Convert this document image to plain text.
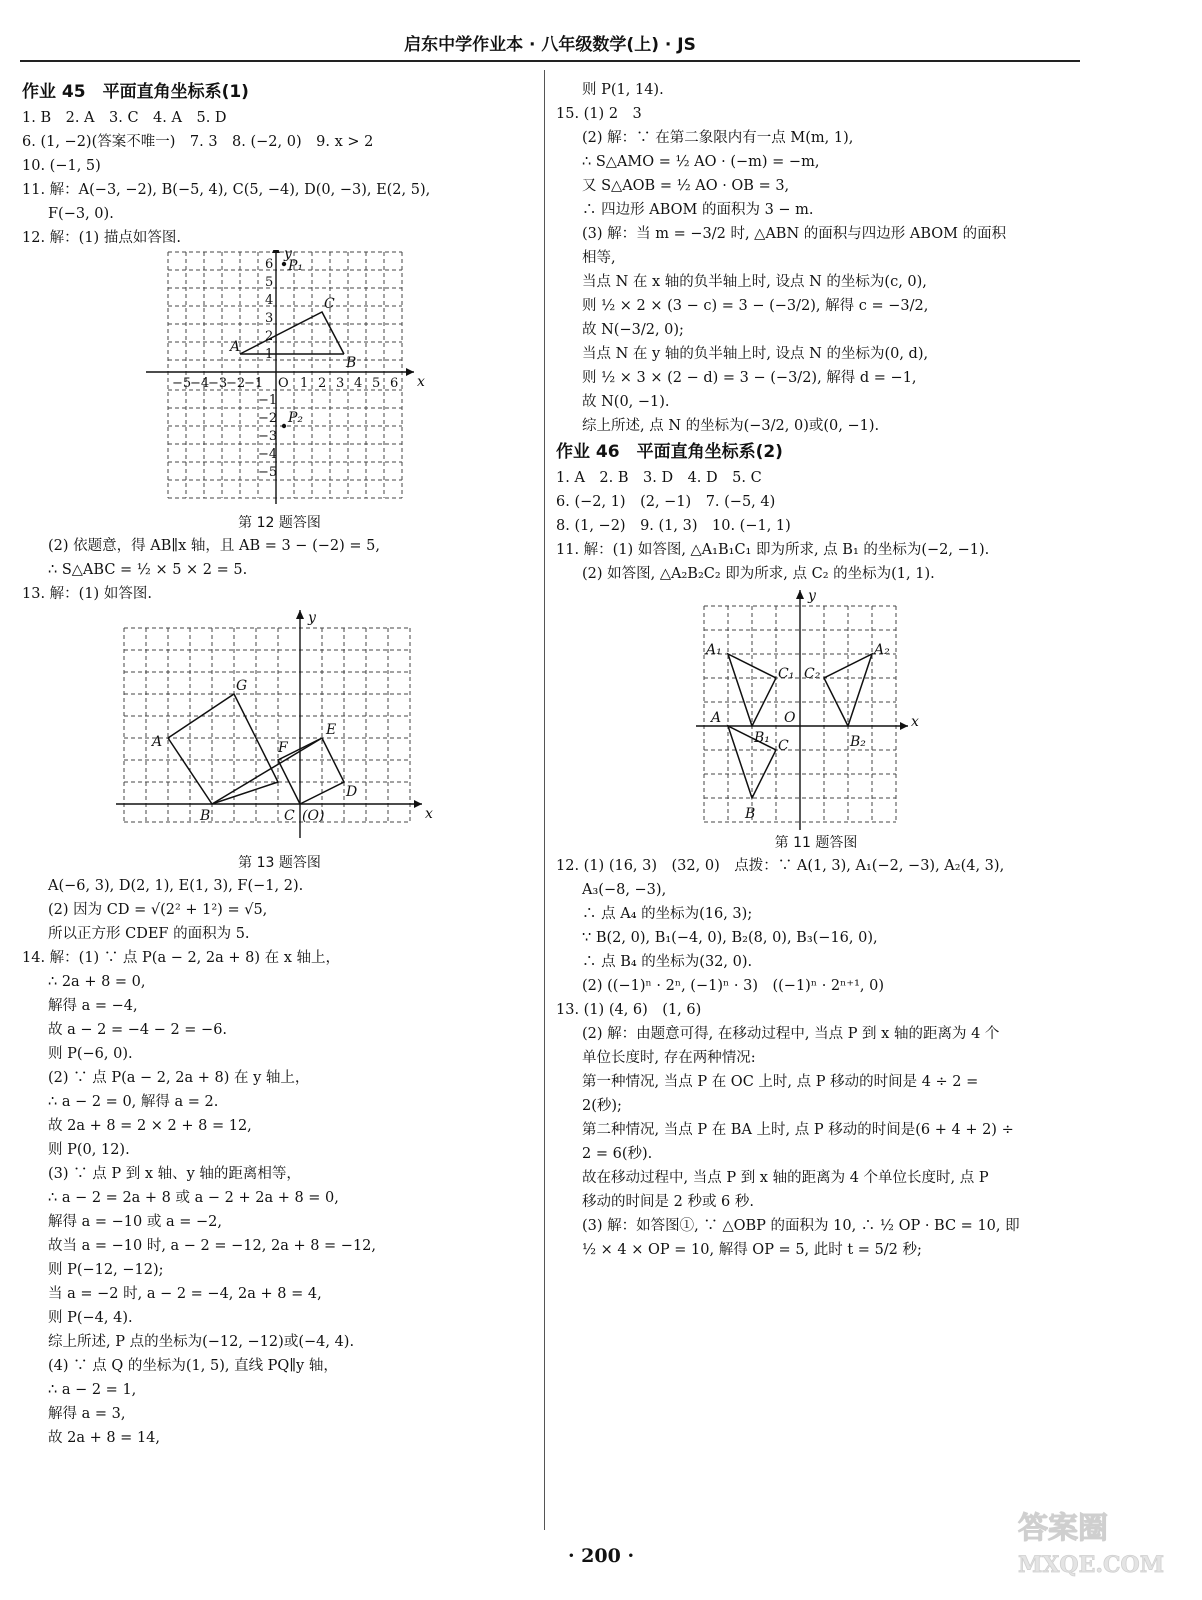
启东中学作业本 · 八年级数学(上) · JS
作业 45　平面直角坐标系(1)
1. B　2. A　3. C　4. A　5. D
6. (1, −2)(答案不唯一)　7. 3　8. (−2, 0)　9. x > 2
10. (−1, 5)
11. 解：A(−3, −2), B(−5, 4), C(5, −4), D(0, −3), E(2, 5),
F(−3, 0).
12. 解：(1) 描点如答图.
−5
−4
−3
−2
−1 O 1 2 3 4 5 6
6
5
4
3
2
1
−1
−2
−3
−4
−5
A
C
B
P₁
P₂
x
y
第 12 题答图
(2) 依题意，得 AB∥x 轴，且 AB = 3 − (−2) = 5,
∴ S△ABC = ½ × 5 × 2 = 5.
13. 解：(1) 如答图.
G
A
B	C (O)
D
E
F
x
y
第 13 题答图
A(−6, 3), D(2, 1), E(1, 3), F(−1, 2).
(2) 因为 CD = √(2² + 1²) = √5,
所以正方形 CDEF 的面积为 5.
14. 解：(1) ∵ 点 P(a − 2, 2a + 8) 在 x 轴上，
∴ 2a + 8 = 0,
解得 a = −4,
故 a − 2 = −4 − 2 = −6.
则 P(−6, 0).
(2) ∵ 点 P(a − 2, 2a + 8) 在 y 轴上，
∴ a − 2 = 0, 解得 a = 2.
故 2a + 8 = 2 × 2 + 8 = 12,
则 P(0, 12).
(3) ∵ 点 P 到 x 轴、y 轴的距离相等，
∴ a − 2 = 2a + 8 或 a − 2 + 2a + 8 = 0,
解得 a = −10 或 a = −2,
故当 a = −10 时, a − 2 = −12, 2a + 8 = −12,
则 P(−12, −12);
当 a = −2 时, a − 2 = −4, 2a + 8 = 4,
则 P(−4, 4).
综上所述, P 点的坐标为(−12, −12)或(−4, 4).
(4) ∵ 点 Q 的坐标为(1, 5), 直线 PQ∥y 轴，
∴ a − 2 = 1,
解得 a = 3,
故 2a + 8 = 14,
则 P(1, 14).
15. (1) 2　3
(2) 解：∵ 在第二象限内有一点 M(m, 1),
∴ S△AMO = ½ AO · (−m) = −m,
又 S△AOB = ½ AO · OB = 3,
∴ 四边形 ABOM 的面积为 3 − m.
(3) 解：当 m = −3/2 时, △ABN 的面积与四边形 ABOM 的面积
相等,
当点 N 在 x 轴的负半轴上时, 设点 N 的坐标为(c, 0),
则 ½ × 2 × (3 − c) = 3 − (−3/2), 解得 c = −3/2,
故 N(−3/2, 0);
当点 N 在 y 轴的负半轴上时, 设点 N 的坐标为(0, d),
则 ½ × 3 × (2 − d) = 3 − (−3/2), 解得 d = −1,
故 N(0, −1).
综上所述, 点 N 的坐标为(−3/2, 0)或(0, −1).
作业 46　平面直角坐标系(2)
1. A　2. B　3. D　4. D　5. C
6. (−2, 1)　(2, −1)　7. (−5, 4)
8. (1, −2)　9. (1, 3)　10. (−1, 1)
11. 解：(1) 如答图, △A₁B₁C₁ 即为所求, 点 B₁ 的坐标为(−2, −1).
(2) 如答图, △A₂B₂C₂ 即为所求, 点 C₂ 的坐标为(1, 1).
A₁
C₁ C₂
A₂
A	O
B₁ C	B₂
B
x
y
第 11 题答图
12. (1) (16, 3)　(32, 0)　点拨：∵ A(1, 3), A₁(−2, −3), A₂(4, 3),
A₃(−8, −3),
∴ 点 A₄ 的坐标为(16, 3);
∵ B(2, 0), B₁(−4, 0), B₂(8, 0), B₃(−16, 0),
∴ 点 B₄ 的坐标为(32, 0).
(2) ((−1)ⁿ · 2ⁿ, (−1)ⁿ · 3)　((−1)ⁿ · 2ⁿ⁺¹, 0)
13. (1) (4, 6)　(1, 6)
(2) 解：由题意可得, 在移动过程中, 当点 P 到 x 轴的距离为 4 个
单位长度时, 存在两种情况:
第一种情况, 当点 P 在 OC 上时, 点 P 移动的时间是 4 ÷ 2 =
2(秒);
第二种情况, 当点 P 在 BA 上时, 点 P 移动的时间是(6 + 4 + 2) ÷
2 = 6(秒).
故在移动过程中, 当点 P 到 x 轴的距离为 4 个单位长度时, 点 P
移动的时间是 2 秒或 6 秒.
(3) 解：如答图①, ∵ △OBP 的面积为 10, ∴ ½ OP · BC = 10, 即
½ × 4 × OP = 10, 解得 OP = 5, 此时 t = 5/2 秒;
· 200 ·
答案圈
MXQE.COM
